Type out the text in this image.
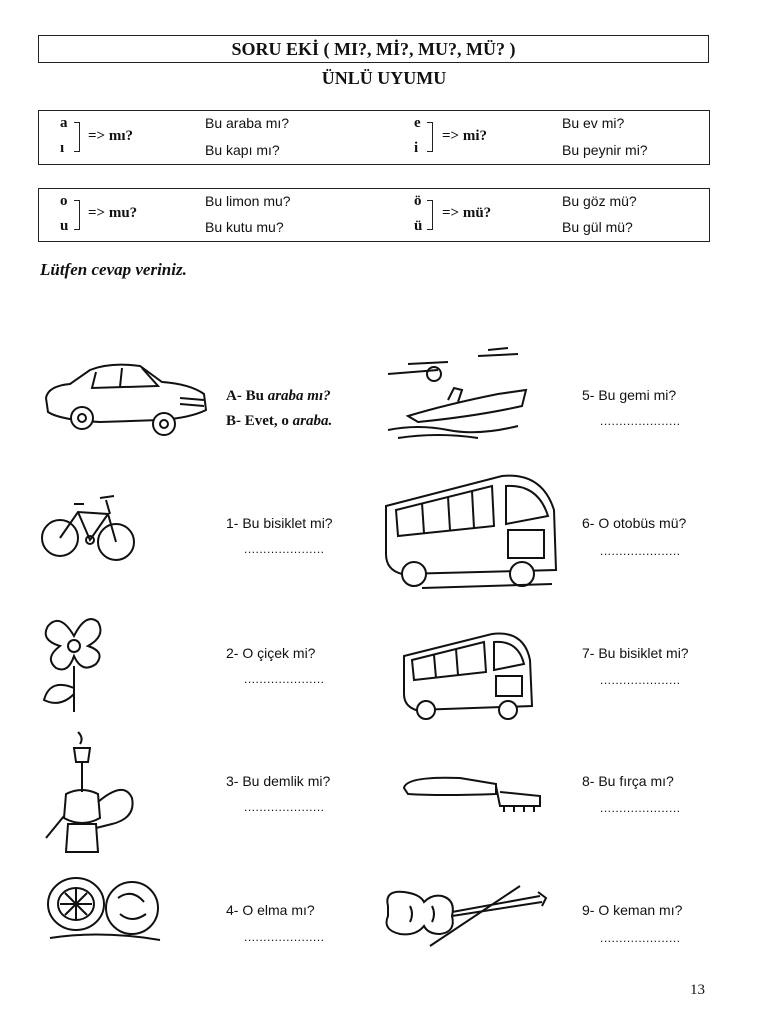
SORU EKİ ( MI?, Mİ?, MU?, MÜ? )
ÜNLÜ UYUMU
a
ı
=> mı?
Bu araba mı?
Bu kapı mı?
e
i
=> mi?
Bu ev mi?
Bu peynir mi?
o
u
=> mu?
Bu limon mu?
Bu kutu mu?
ö
ü
=> mü?
Bu göz mü?
Bu gül mü?
Lütfen cevap veriniz.
A- Bu araba mı?
B- Evet, o araba.
1- Bu bisiklet mi?
.....................
2- O çiçek mi?
.....................
3- Bu demlik mi?
.....................
4- O elma mı?
.....................
5- Bu gemi mi?
.....................
6- O otobüs mü?
.....................
7- Bu bisiklet mi?
.....................
8- Bu fırça mı?
.....................
9- O keman mı?
.....................
13
